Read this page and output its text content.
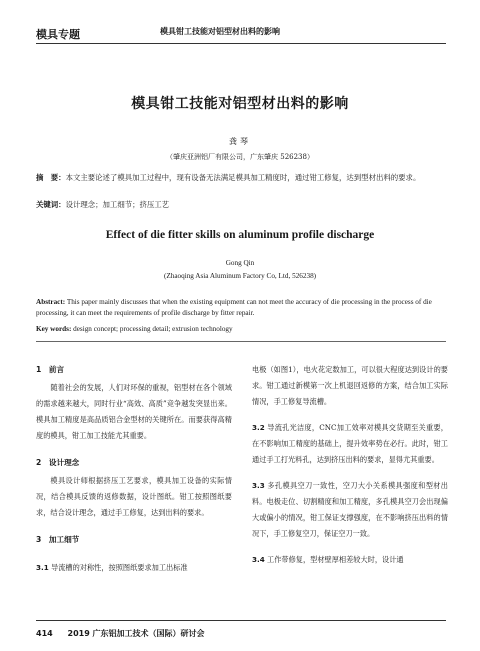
模具专题	模具钳工技能对铝型材出料的影响
模具钳工技能对铝型材出料的影响
龚琴
（肇庆亚洲铝厂有限公司，广东肇庆 526238）
摘　要：本文主要论述了模具加工过程中，现有设备无法满足模具加工精度时，通过钳工修复，达到型材出料的要求。
关键词：设计理念；加工细节；挤压工艺
Effect of die fitter skills on aluminum profile discharge
Gong Qin
(Zhaoqing Asia Aluminum Factory Co, Ltd, 526238)
Abstract: This paper mainly discusses that when the existing equipment can not meet the accuracy of die processing in the process of die processing, it can meet the requirements of profile discharge by fitter repair.
Key words: design concept; processing detail; extrusion technology
1　前言

随着社会的发展，人们对环保的重视，铝型材在各个领域的需求越来越大，同时行业“高效、高质”竞争越发突显出来。模具加工精度是高品质铝合金型材的关键所在。而要获得高精度的模具，钳工加工技能尤其重要。

2　设计理念

模具设计师根据挤压工艺要求，模具加工设备的实际情况，结合模具反馈的返修数据，设计图纸。钳工按照图纸要求，结合设计理念，通过手工修复，达到出料的要求。

3　加工细节

3.1 导流槽的对称性，按照图纸要求加工出标准

电极（如图1），电火花定数加工，可以很大程度达到设计的要求。钳工通过新模第一次上机退回返修的方案，结合加工实际情况，手工修复导流槽。

3.2 导流孔光洁度，CNC加工效率对模具交货期至关重要，在不影响加工精度的基础上，提升效率势在必行。此时，钳工通过手工打光料孔，达到挤压出料的要求，显得尤其重要。

3.3 多孔模具空刀一致性，空刀大小关系模具强度和型材出料。电极走位、切割精度和加工精度，多孔模具空刀会出现偏大或偏小的情况，钳工保证支撑强度，在不影响挤压出料的情况下，手工修复空刀，保证空刀一致。

3.4 工作带修复，型材壁厚相差较大时，设计通

414 2019 广东铝加工技术（国际）研讨会
